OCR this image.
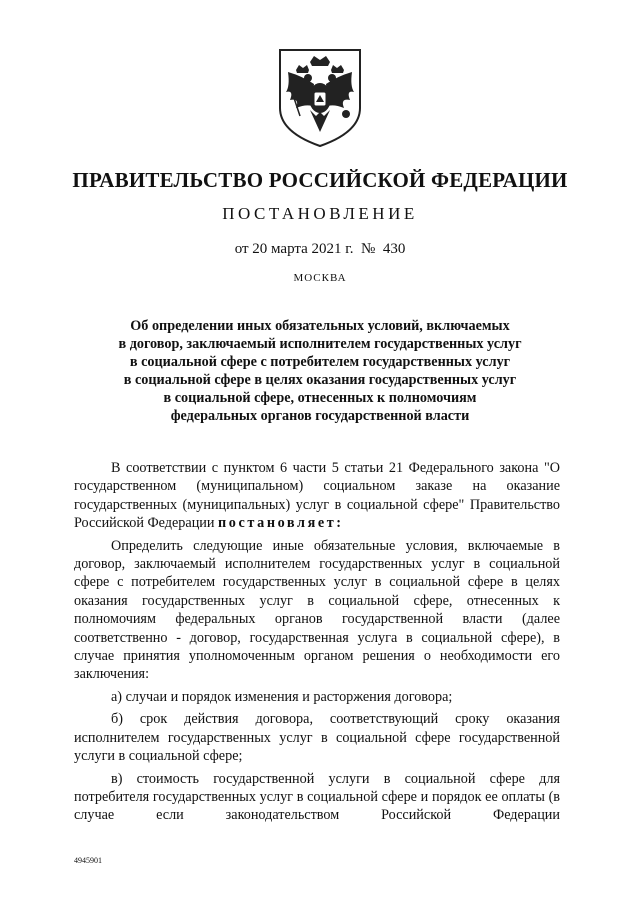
ПРАВИТЕЛЬСТВО РОССИЙСКОЙ ФЕДЕРАЦИИ
ПОСТАНОВЛЕНИЕ
от 20 марта 2021 г.  №  430
МОСКВА
Об определении иных обязательных условий, включаемых
в договор, заключаемый исполнителем государственных услуг
в социальной сфере с потребителем государственных услуг
в социальной сфере в целях оказания государственных услуг
в социальной сфере, отнесенных к полномочиям
федеральных органов государственной власти

В соответствии с пунктом 6 части 5 статьи 21 Федерального закона "О государственном (муниципальном) социальном заказе на оказание государственных (муниципальных) услуг в социальной сфере" Правительство Российской Федерации постановляет:

Определить следующие иные обязательные условия, включаемые в договор, заключаемый исполнителем государственных услуг в социальной сфере с потребителем государственных услуг в социальной сфере в целях оказания государственных услуг в социальной сфере, отнесенных к полномочиям федеральных органов государственной власти (далее соответственно - договор, государственная услуга в социальной сфере), в случае принятия уполномоченным органом решения о необходимости его заключения:

а) случаи и порядок изменения и расторжения договора;

б) срок действия договора, соответствующий сроку оказания исполнителем государственных услуг в социальной сфере государственной услуги в социальной сфере;

в) стоимость государственной услуги в социальной сфере для потребителя государственных услуг в социальной сфере и порядок ее оплаты (в случае если законодательством Российской Федерации

4945901
